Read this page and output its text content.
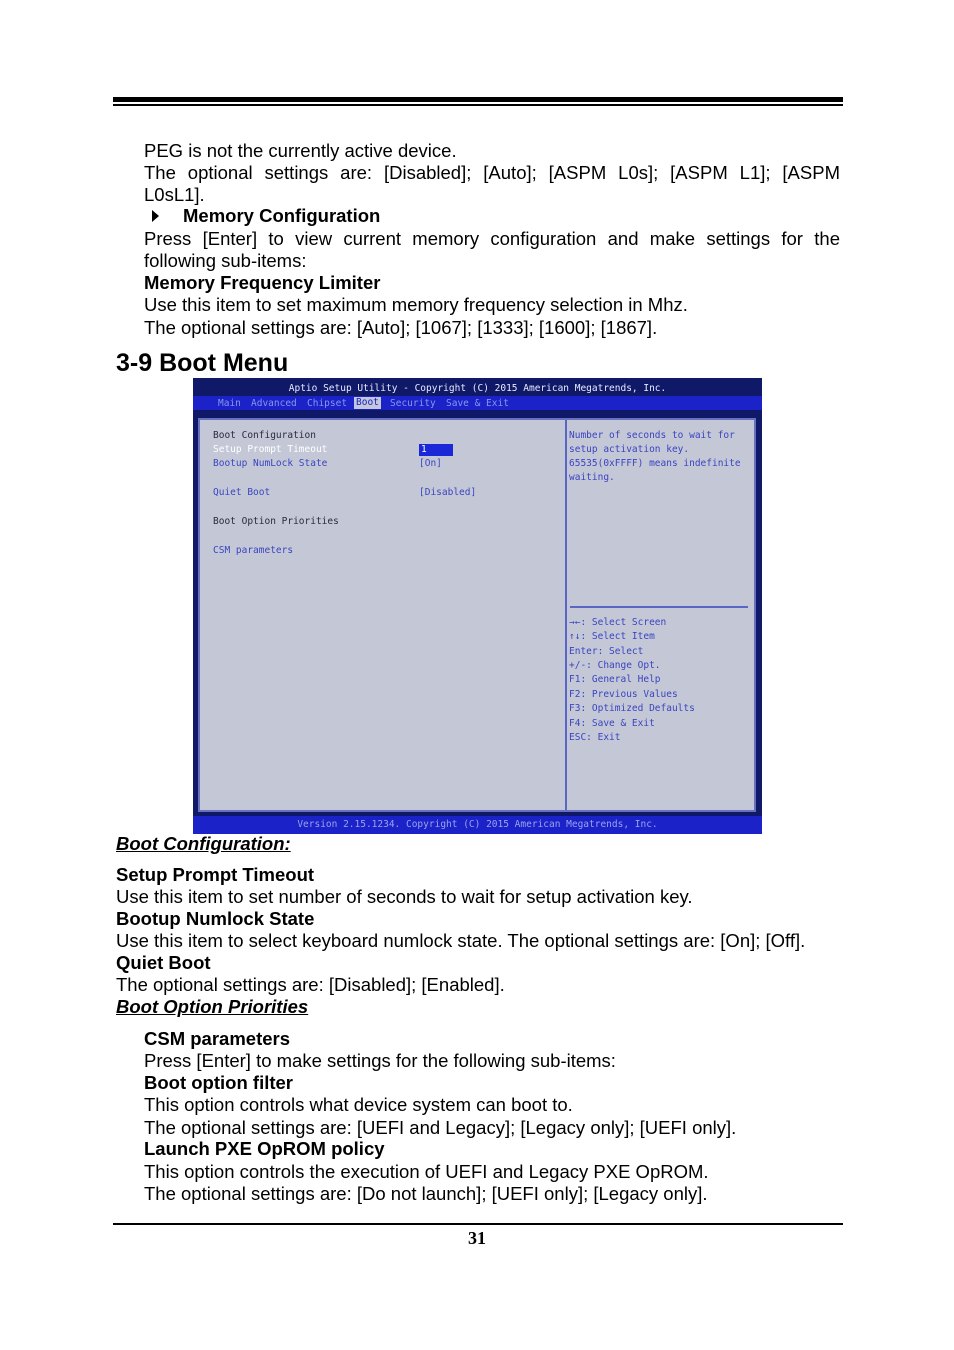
PEG is not the currently active device.
The optional settings are: [Disabled]; [Auto]; [ASPM L0s]; [ASPM L1]; [ASPM
L0sL1].
Memory Configuration
Press [Enter] to view current memory configuration and make settings for the
following sub-items:
Memory Frequency Limiter
Use this item to set maximum memory frequency selection in Mhz.
The optional settings are: [Auto]; [1067]; [1333]; [1600]; [1867].
3-9 Boot Menu
Aptio Setup Utility - Copyright (C) 2015 American Megatrends, Inc.
Main Advanced Chipset Boot Security Save & Exit
Boot Configuration
Setup Prompt Timeout	1
Bootup NumLock State	[On]
Quiet Boot	[Disabled]
Boot Option Priorities
CSM parameters
Number of seconds to wait for
setup activation key.
65535(0xFFFF) means indefinite
waiting.
→←: Select Screen
↑↓: Select Item
Enter: Select
+/-: Change Opt.
F1: General Help
F2: Previous Values
F3: Optimized Defaults
F4: Save & Exit
ESC: Exit
Version 2.15.1234. Copyright (C) 2015 American Megatrends, Inc.
Boot Configuration:
Setup Prompt Timeout
Use this item to set number of seconds to wait for setup activation key.
Bootup Numlock State
Use this item to select keyboard numlock state. The optional settings are: [On]; [Off].
Quiet Boot
The optional settings are: [Disabled]; [Enabled].
Boot Option Priorities
CSM parameters
Press [Enter] to make settings for the following sub-items:
Boot option filter
This option controls what device system can boot to.
The optional settings are: [UEFI and Legacy]; [Legacy only]; [UEFI only].
Launch PXE OpROM policy
This option controls the execution of UEFI and Legacy PXE OpROM.
The optional settings are: [Do not launch]; [UEFI only]; [Legacy only].
31
